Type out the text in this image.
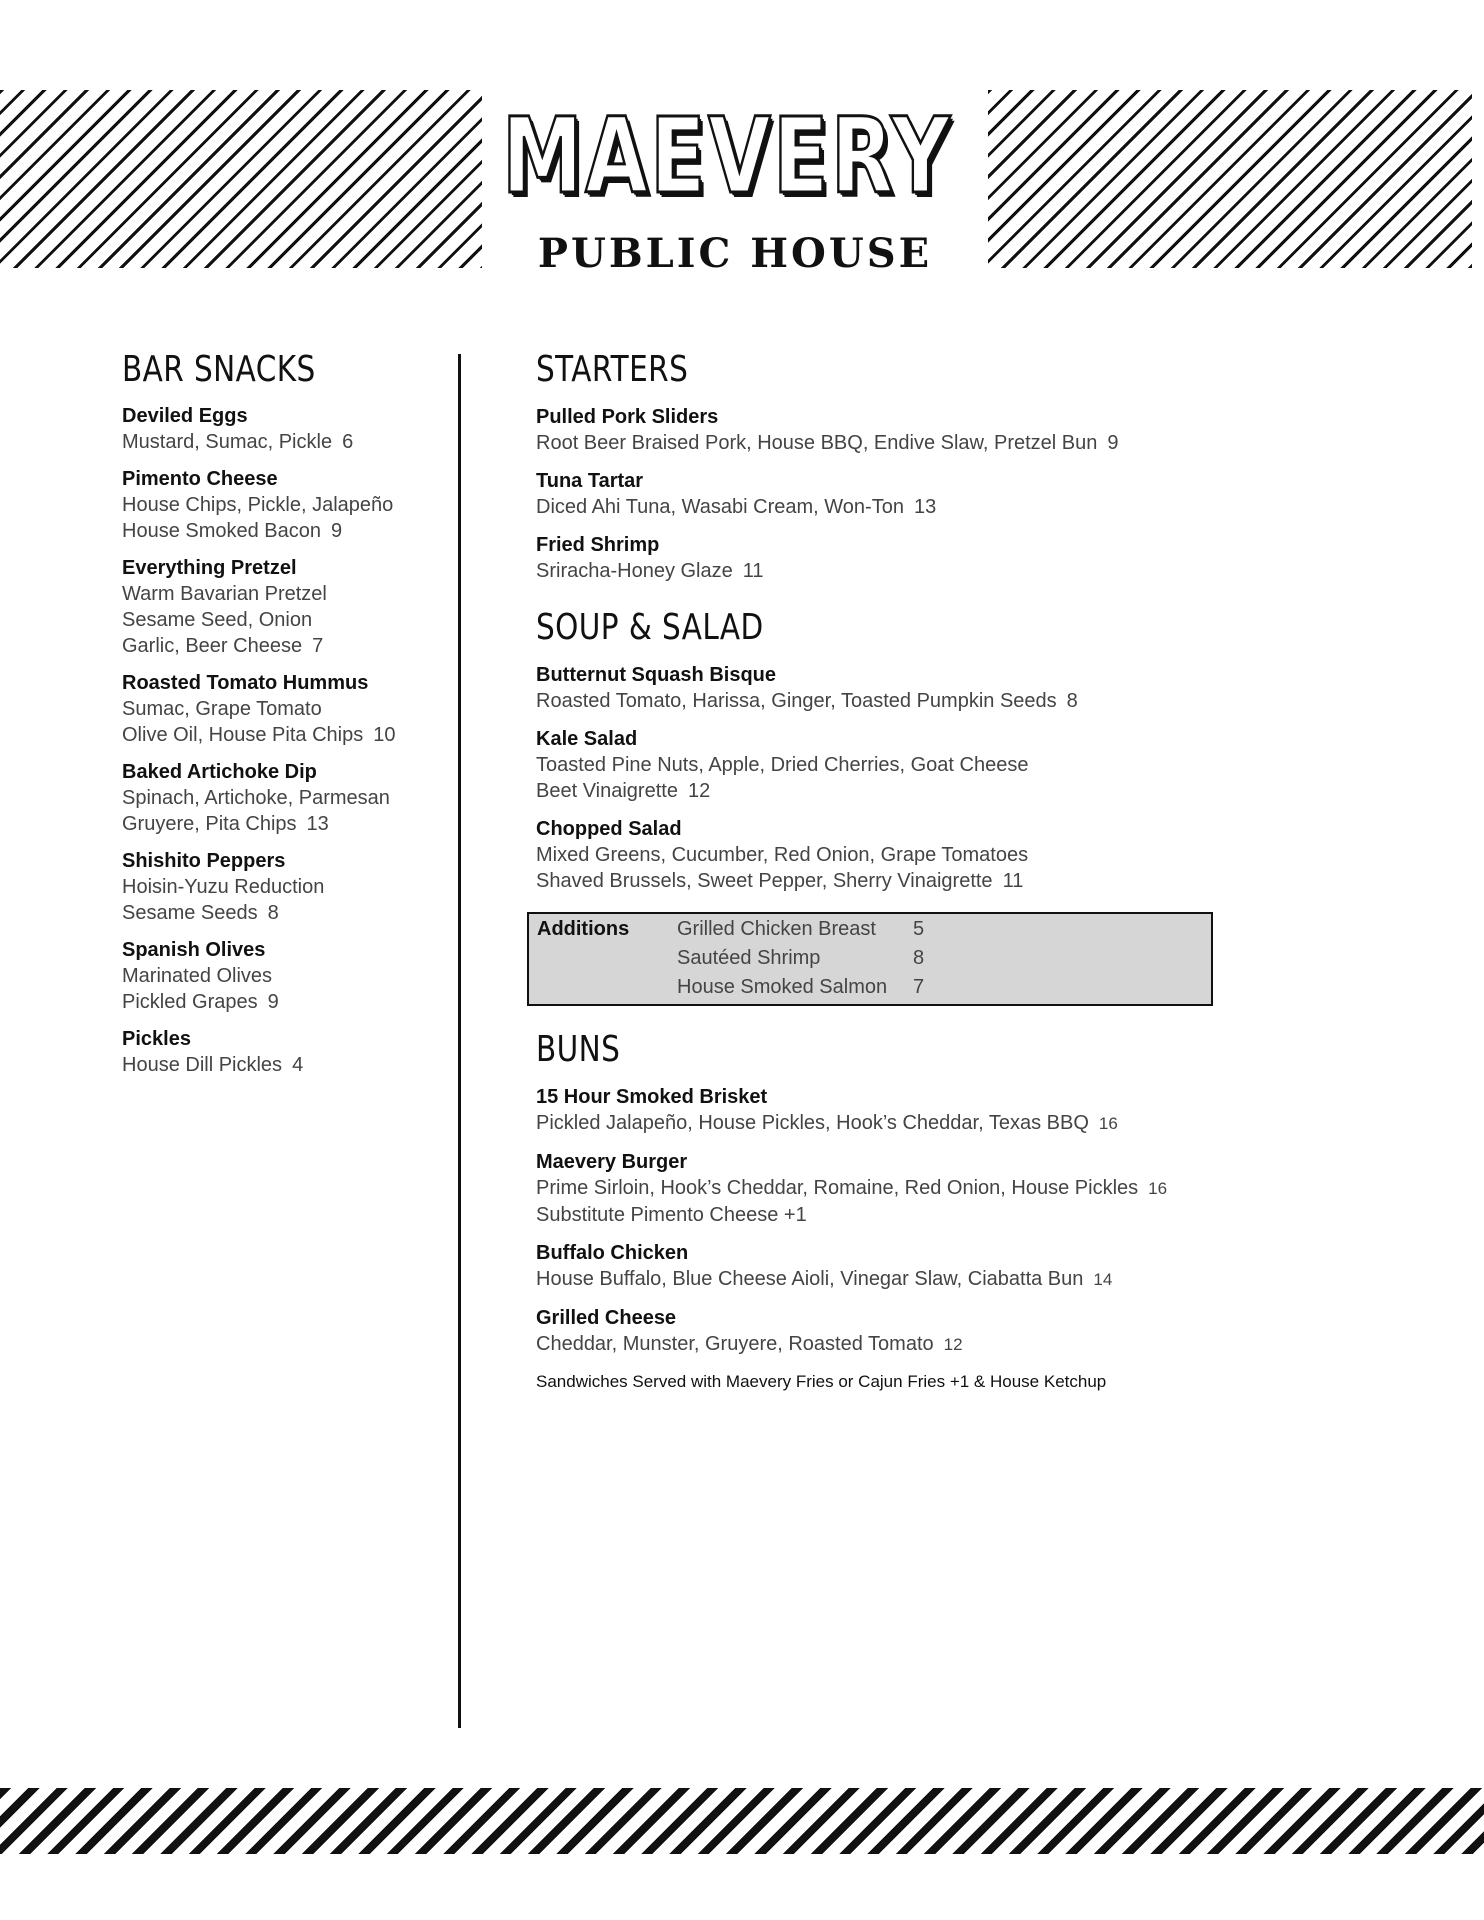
MAEVERY
PUBLIC HOUSE
BAR SNACKS
Deviled Eggs
Mustard, Sumac, Pickle 6
Pimento Cheese
House Chips, Pickle, Jalapeño
House Smoked Bacon 9
Everything Pretzel
Warm Bavarian Pretzel
Sesame Seed, Onion
Garlic, Beer Cheese 7
Roasted Tomato Hummus
Sumac, Grape Tomato
Olive Oil, House Pita Chips 10
Baked Artichoke Dip
Spinach, Artichoke, Parmesan
Gruyere, Pita Chips 13
Shishito Peppers
Hoisin-Yuzu Reduction
Sesame Seeds 8
Spanish Olives
Marinated Olives
Pickled Grapes 9
Pickles
House Dill Pickles 4
STARTERS
Pulled Pork Sliders
Root Beer Braised Pork, House BBQ, Endive Slaw, Pretzel Bun 9
Tuna Tartar
Diced Ahi Tuna, Wasabi Cream, Won-Ton 13
Fried Shrimp
Sriracha-Honey Glaze 11
SOUP & SALAD
Butternut Squash Bisque
Roasted Tomato, Harissa, Ginger, Toasted Pumpkin Seeds 8
Kale Salad
Toasted Pine Nuts, Apple, Dried Cherries, Goat Cheese
Beet Vinaigrette 12
Chopped Salad
Mixed Greens, Cucumber, Red Onion, Grape Tomatoes
Shaved Brussels, Sweet Pepper, Sherry Vinaigrette 11
Additions	Grilled Chicken Breast	5
Sautéed Shrimp	8
House Smoked Salmon	7
BUNS
15 Hour Smoked Brisket
Pickled Jalapeño, House Pickles, Hook’s Cheddar, Texas BBQ 16
Maevery Burger
Prime Sirloin, Hook’s Cheddar, Romaine, Red Onion, House Pickles 16
Substitute Pimento Cheese +1
Buffalo Chicken
House Buffalo, Blue Cheese Aioli, Vinegar Slaw, Ciabatta Bun 14
Grilled Cheese
Cheddar, Munster, Gruyere, Roasted Tomato 12
Sandwiches Served with Maevery Fries or Cajun Fries +1 & House Ketchup
